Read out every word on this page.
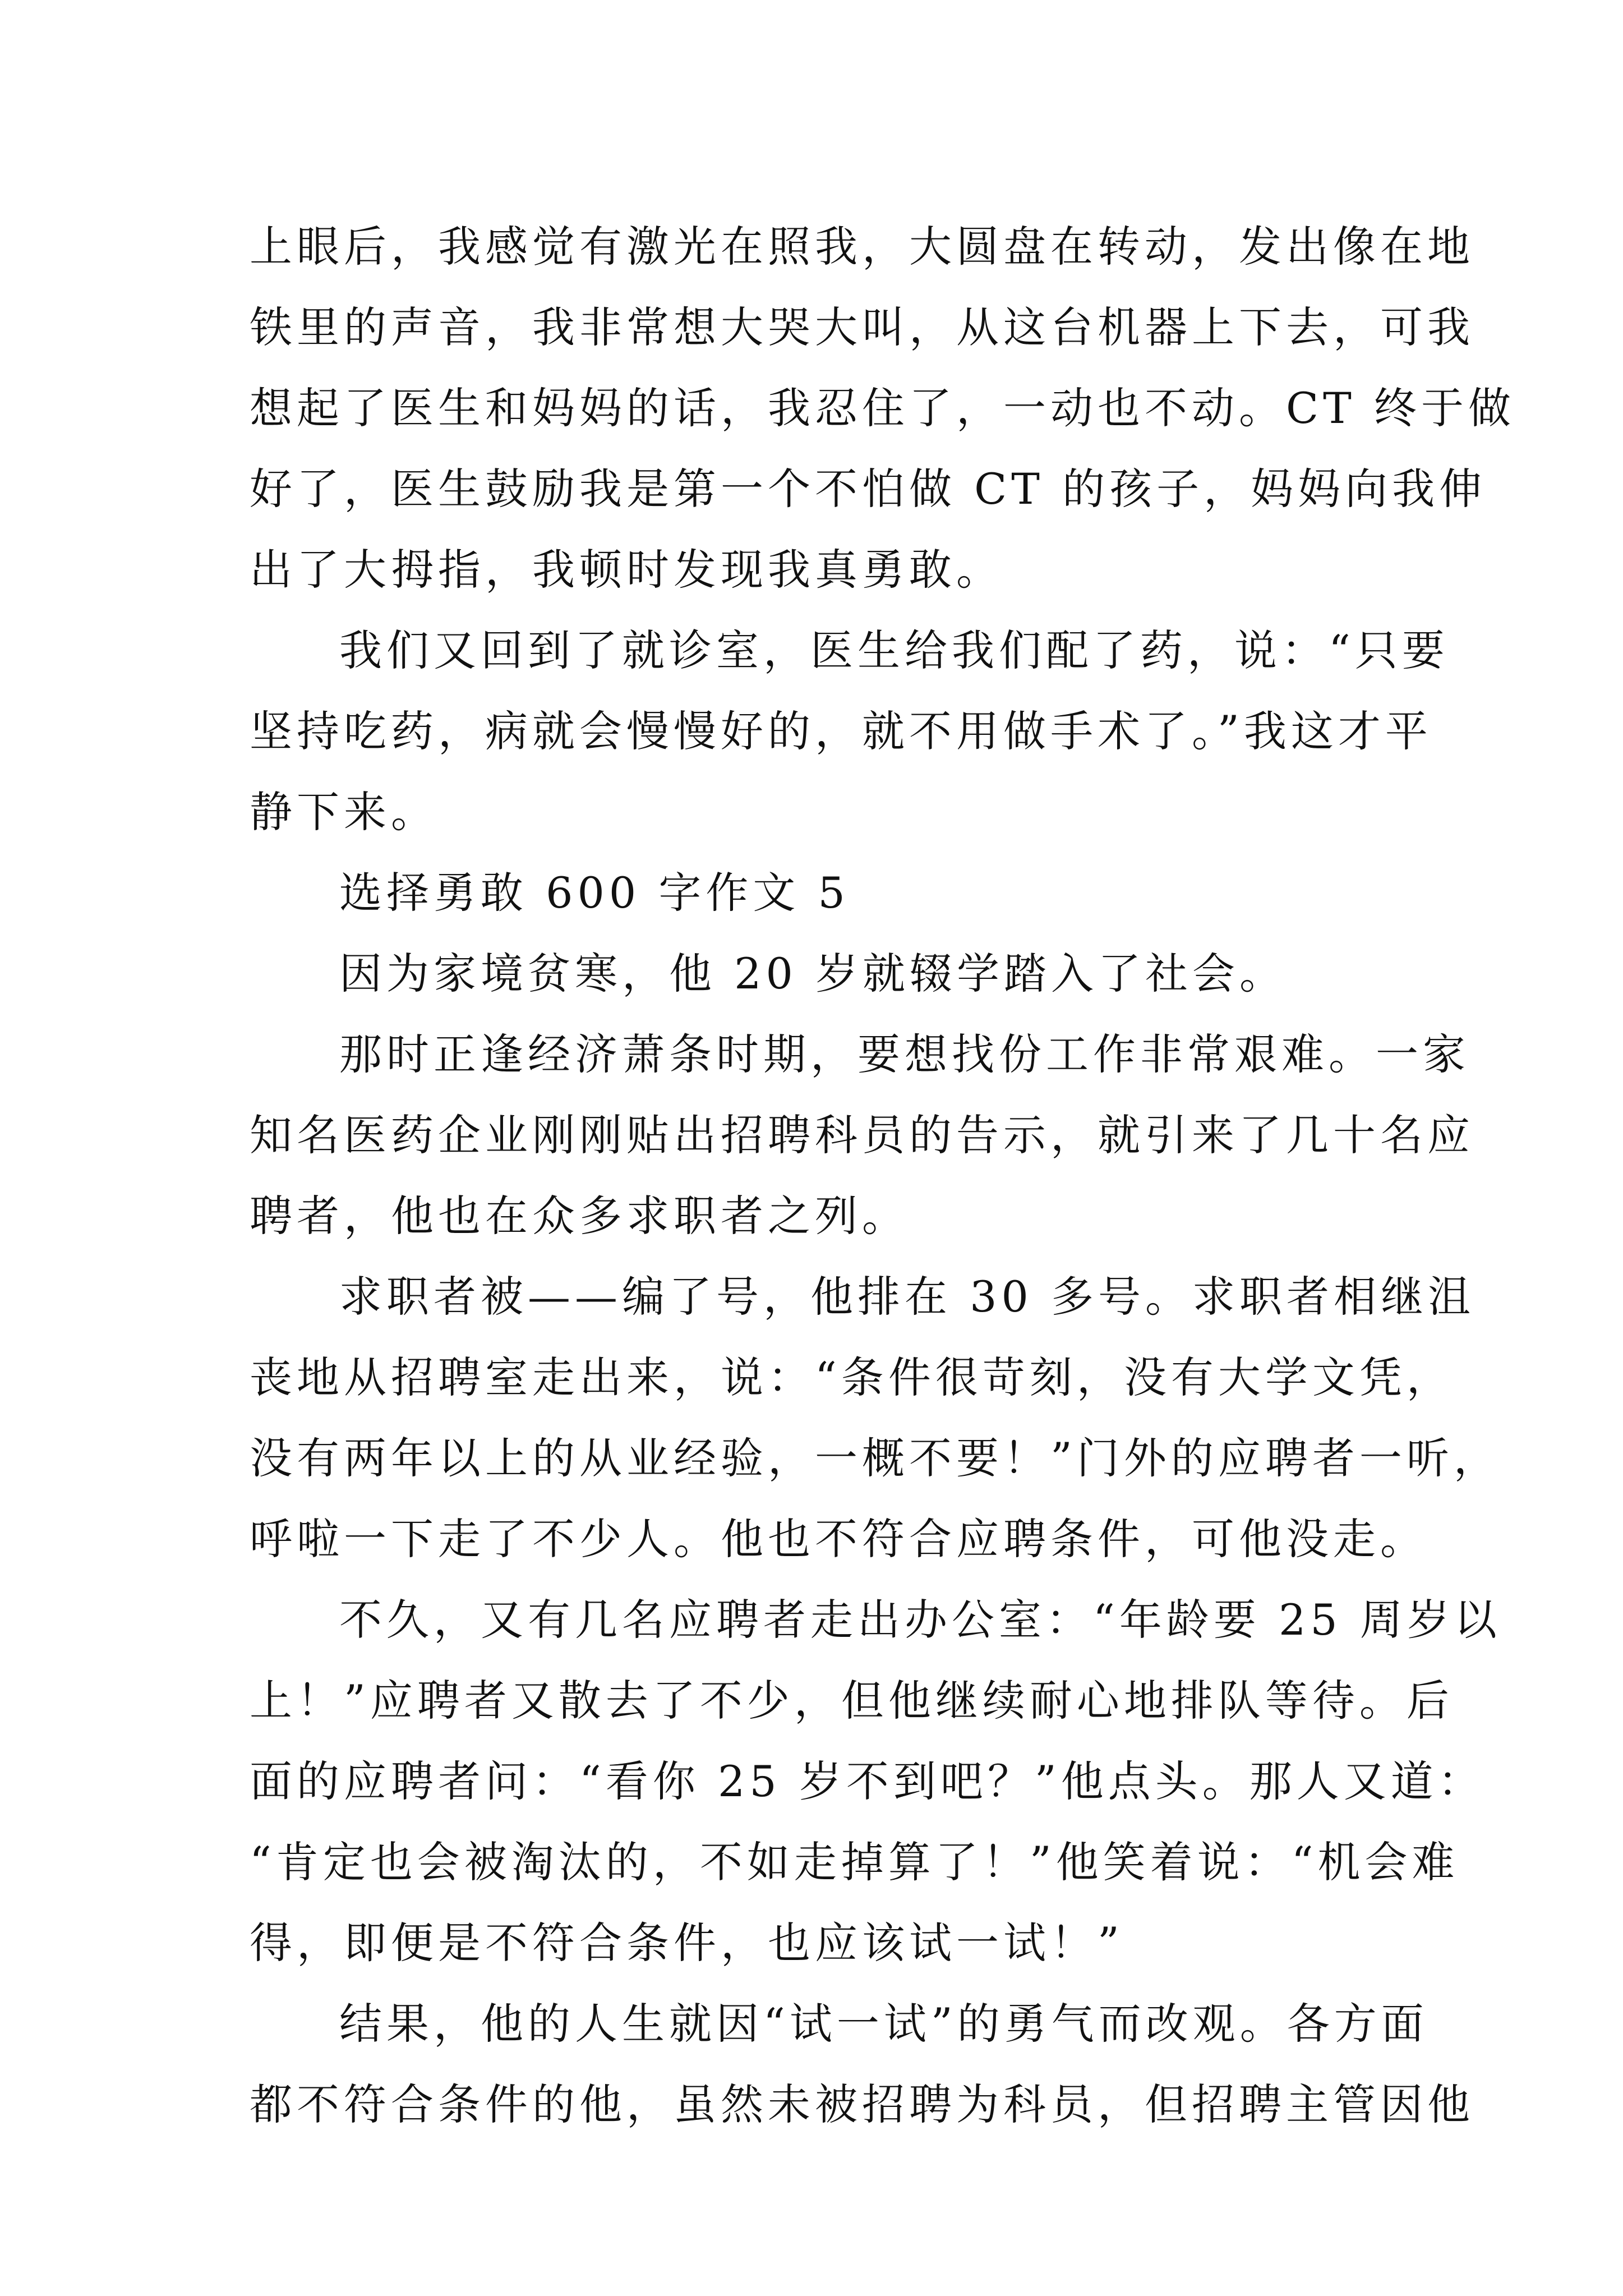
上眼后，我感觉有激光在照我，大圆盘在转动，发出像在地
铁里的声音，我非常想大哭大叫，从这台机器上下去，可我
想起了医生和妈妈的话，我忍住了，一动也不动。CT 终于做
好了，医生鼓励我是第一个不怕做 CT 的孩子，妈妈向我伸
出了大拇指，我顿时发现我真勇敢。
我们又回到了就诊室，医生给我们配了药，说：“只要
坚持吃药，病就会慢慢好的，就不用做手术了。”我这才平
静下来。
选择勇敢 600 字作文 5
因为家境贫寒，他 20 岁就辍学踏入了社会。
那时正逢经济萧条时期，要想找份工作非常艰难。一家
知名医药企业刚刚贴出招聘科员的告示，就引来了几十名应
聘者，他也在众多求职者之列。
求职者被——编了号，他排在 30 多号。求职者相继沮
丧地从招聘室走出来，说：“条件很苛刻，没有大学文凭，
没有两年以上的从业经验，一概不要！”门外的应聘者一听，
呼啦一下走了不少人。他也不符合应聘条件，可他没走。
不久，又有几名应聘者走出办公室：“年龄要 25 周岁以
上！”应聘者又散去了不少，但他继续耐心地排队等待。后
面的应聘者问：“看你 25 岁不到吧？”他点头。那人又道：
“肯定也会被淘汰的，不如走掉算了！”他笑着说：“机会难
得，即便是不符合条件，也应该试一试！”
结果，他的人生就因“试一试”的勇气而改观。各方面
都不符合条件的他，虽然未被招聘为科员，但招聘主管因他
